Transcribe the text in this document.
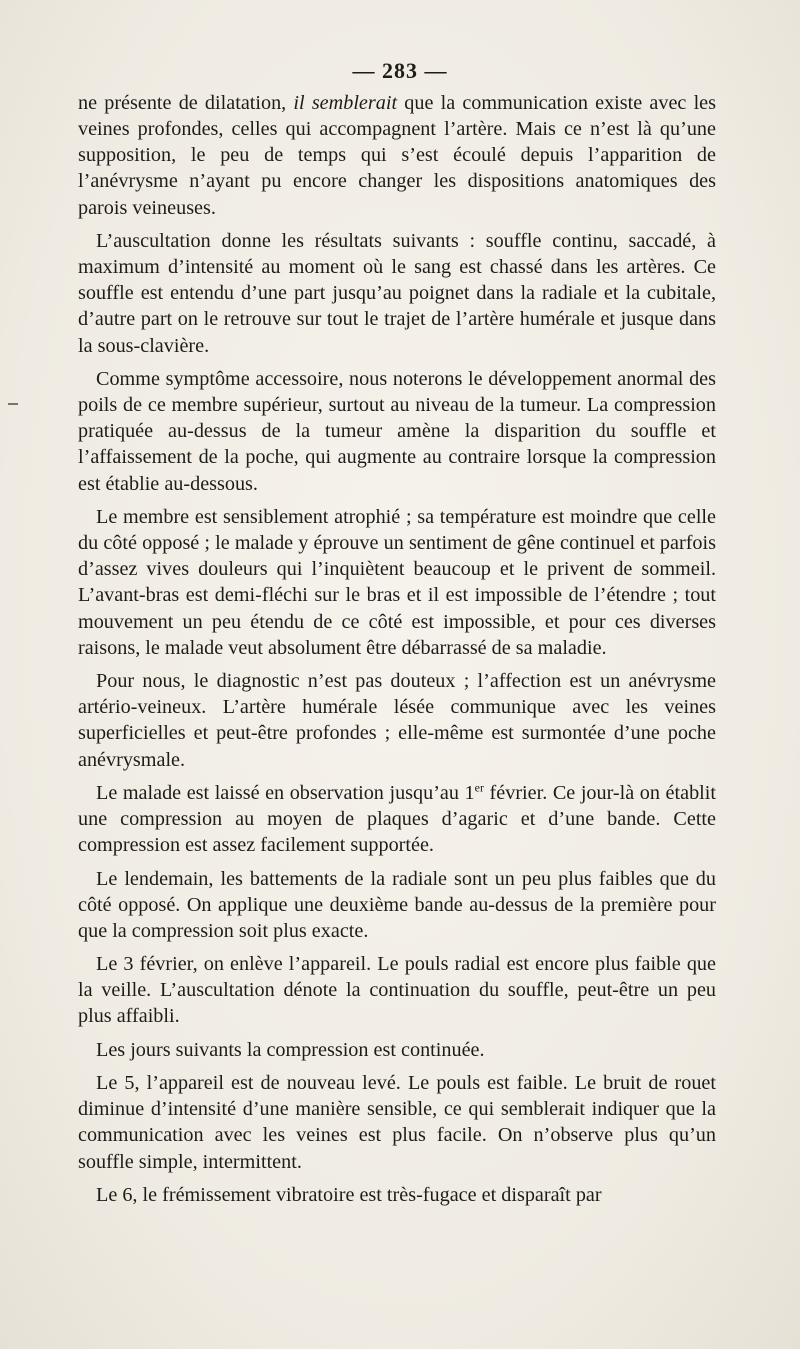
— 283 —

ne présente de dilatation, il semblerait que la communication existe avec les veines profondes, celles qui accompagnent l’artère. Mais ce n’est là qu’une supposition, le peu de temps qui s’est écoulé depuis l’apparition de l’anévrysme n’ayant pu encore changer les dispositions anatomiques des parois veineuses.

L’auscultation donne les résultats suivants : souffle continu, saccadé, à maximum d’intensité au moment où le sang est chassé dans les artères. Ce souffle est entendu d’une part jusqu’au poignet dans la radiale et la cubitale, d’autre part on le retrouve sur tout le trajet de l’artère humérale et jusque dans la sous-clavière.

Comme symptôme accessoire, nous noterons le développement anormal des poils de ce membre supérieur, surtout au niveau de la tumeur. La compression pratiquée au-dessus de la tumeur amène la disparition du souffle et l’affaissement de la poche, qui augmente au contraire lorsque la compression est établie au-dessous.

Le membre est sensiblement atrophié ; sa température est moindre que celle du côté opposé ; le malade y éprouve un sentiment de gêne continuel et parfois d’assez vives douleurs qui l’inquiètent beaucoup et le privent de sommeil. L’avant-bras est demi-fléchi sur le bras et il est impossible de l’étendre ; tout mouvement un peu étendu de ce côté est impossible, et pour ces diverses raisons, le malade veut absolument être débarrassé de sa maladie.

Pour nous, le diagnostic n’est pas douteux ; l’affection est un anévrysme artério-veineux. L’artère humérale lésée communique avec les veines superficielles et peut-être profondes ; elle-même est surmontée d’une poche anévrysmale.

Le malade est laissé en observation jusqu’au 1er février. Ce jour-là on établit une compression au moyen de plaques d’agaric et d’une bande. Cette compression est assez facilement supportée.

Le lendemain, les battements de la radiale sont un peu plus faibles que du côté opposé. On applique une deuxième bande au-dessus de la première pour que la compression soit plus exacte.

Le 3 février, on enlève l’appareil. Le pouls radial est encore plus faible que la veille. L’auscultation dénote la continuation du souffle, peut-être un peu plus affaibli.

Les jours suivants la compression est continuée.

Le 5, l’appareil est de nouveau levé. Le pouls est faible. Le bruit de rouet diminue d’intensité d’une manière sensible, ce qui semblerait indiquer que la communication avec les veines est plus facile. On n’observe plus qu’un souffle simple, intermittent.

Le 6, le frémissement vibratoire est très-fugace et disparaît par
